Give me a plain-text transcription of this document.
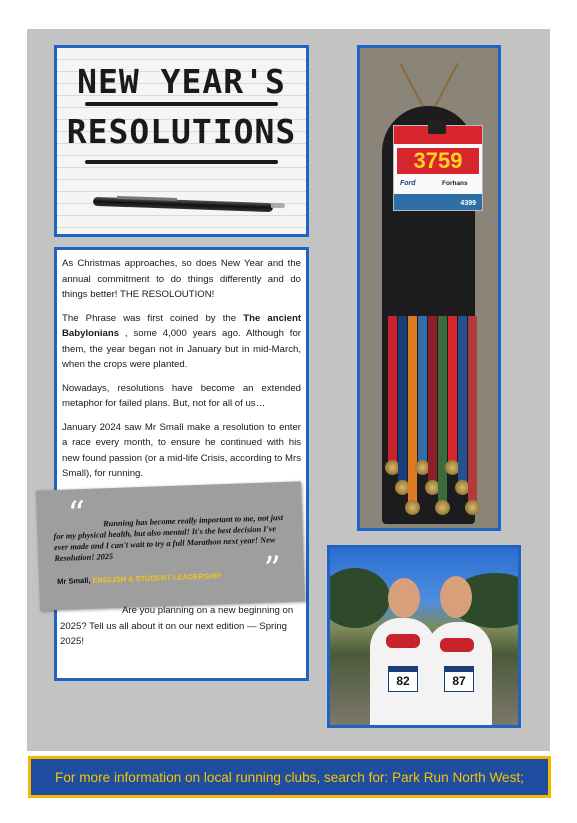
NEW YEAR'S
RESOLUTIONS

As Christmas approaches, so does New Year and the annual commitment to do things differently and do things better! THE RESOLOUTION!

The Phrase was first coined by the The ancient Babylonians , some 4,000 years ago. Although for them, the year began not in January but in mid-March, when the crops were planted.

Nowadays, resolutions have become an extended metaphor for failed plans. But, not for all of us…

January 2024 saw Mr Small make a resolution to enter a race every month, to ensure he continued with his new found passion (or a mid-life Crisis, according to Mrs Small), for running.

“	Running has become really important to me, not just for my physical health, but also mental! It's the best decision I've ever made and I can't wait to try a full Marathon next year! New Resolution! 2025
Mr Small, ENGLISH & STUDENT LEADERSHIP ”
Are you planning on a new beginning on 2025? Tell us all about it on our next edition — Spring 2025!
3759
Ford	Forhans
4399
82	87
For more information on local running clubs, search for: Park Run North West;
